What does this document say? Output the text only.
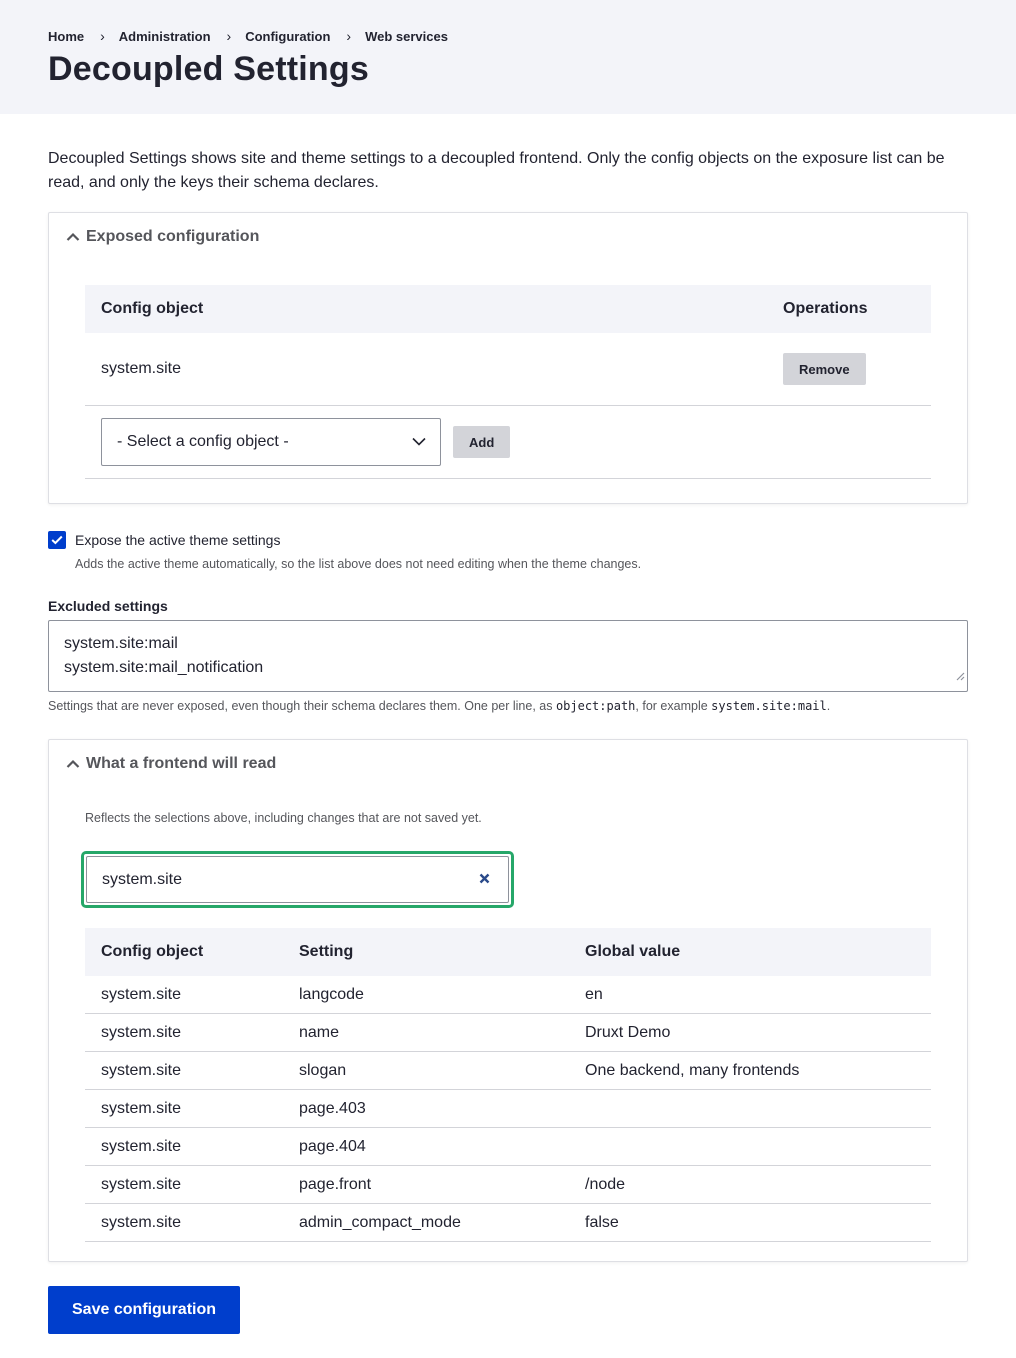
Home › Administration › Configuration › Web services
Decoupled Settings

Decoupled Settings shows site and theme settings to a decoupled frontend. Only the config objects on the exposure list can be read, and only the keys their schema declares.

Exposed configuration
Config object	Operations
system.site	Remove

- Select a config object - Add	
Expose the active theme settings
Adds the active theme automatically, so the list above does not need editing when the theme changes.
Excluded settings
system.site:mail
system.site:mail_notification
Settings that are never exposed, even though their schema declares them. One per line, as object:path, for example system.site:mail.
What a frontend will read
Reflects the selections above, including changes that are not saved yet.
system.site
Config object	Setting	Global value
system.site	langcode	en
system.site	name	Druxt Demo
system.site	slogan	One backend, many frontends
system.site	page.403	
system.site	page.404	
system.site	page.front	/node
system.site	admin_compact_mode	false
Save configuration
